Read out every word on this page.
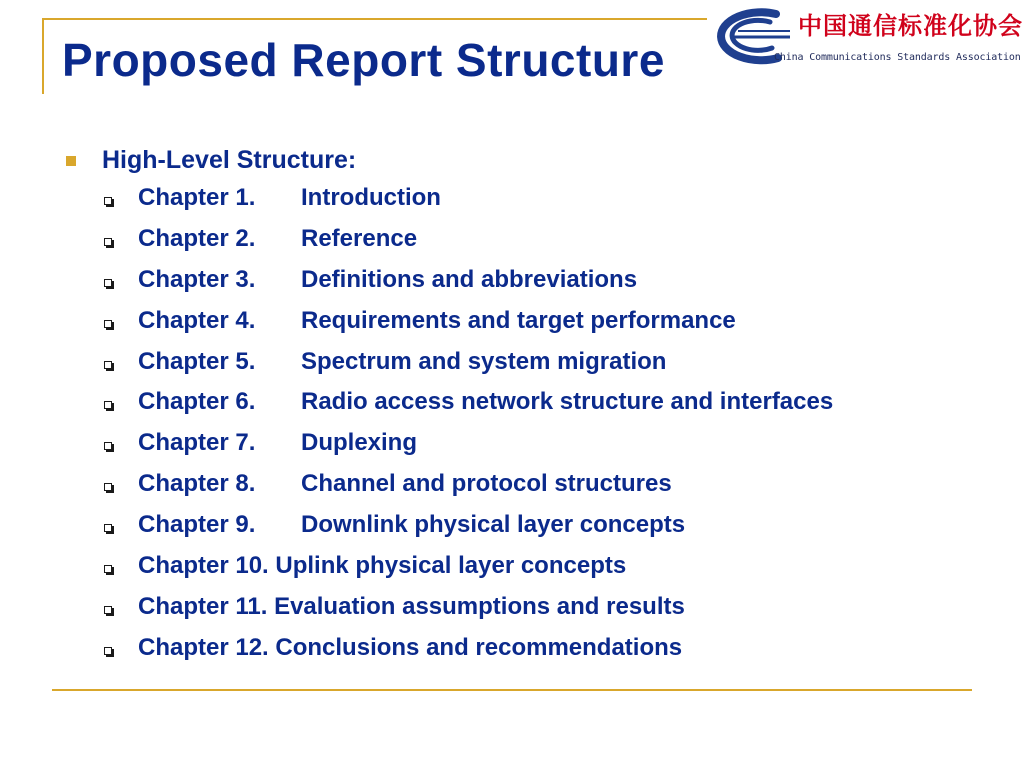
Proposed Report Structure
中国通信标准化协会
China Communications Standards Association
High-Level Structure:
Chapter 1. Introduction
Chapter 2. Reference
Chapter 3. Definitions and abbreviations
Chapter 4. Requirements and target performance
Chapter 5. Spectrum and system migration
Chapter 6. Radio access network structure and interfaces
Chapter 7. Duplexing
Chapter 8. Channel and protocol structures
Chapter 9. Downlink physical layer concepts
Chapter 10. Uplink physical layer concepts
Chapter 11. Evaluation assumptions and results
Chapter 12. Conclusions and recommendations
